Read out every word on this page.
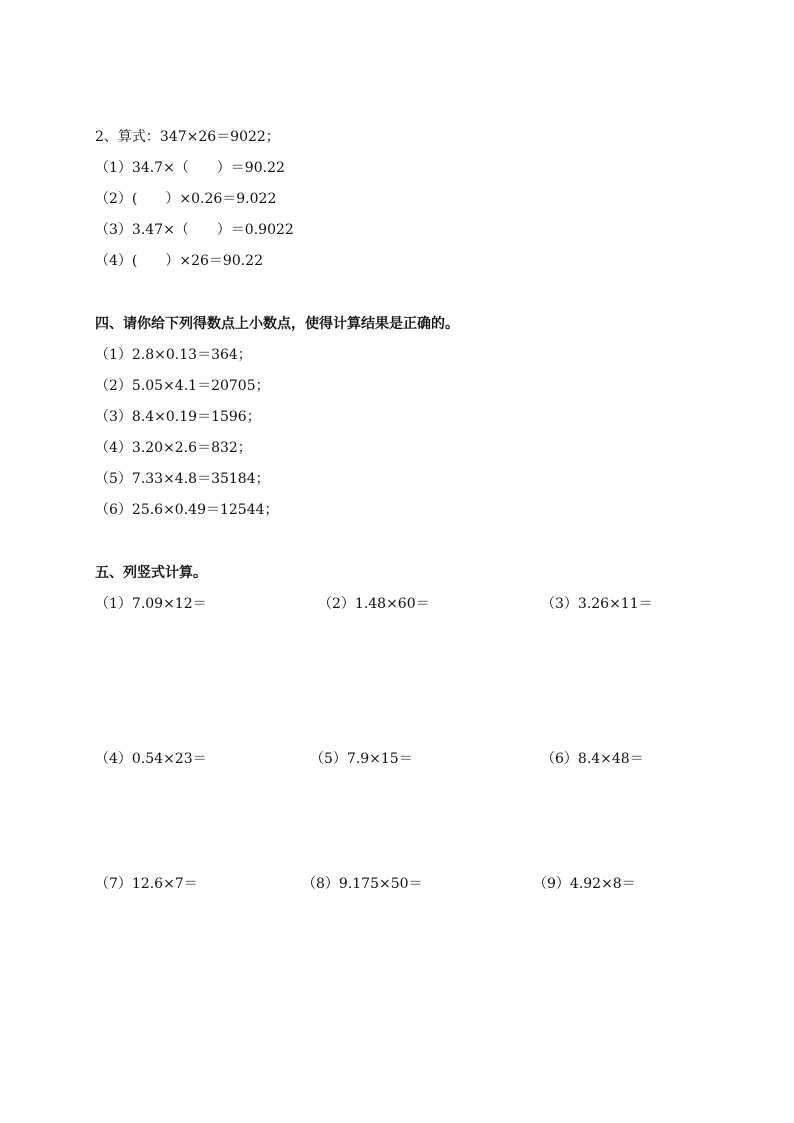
2、算式：347×26＝9022；
（1）34.7×（　　）＝90.22
（2）(　　）×0.26＝9.022
（3）3.47×（　　）＝0.9022
（4）(　　）×26＝90.22
四、请你给下列得数点上小数点，使得计算结果是正确的。
（1）2.8×0.13＝364；
（2）5.05×4.1＝20705；
（3）8.4×0.19＝1596；
（4）3.20×2.6＝832；
（5）7.33×4.8＝35184；
（6）25.6×0.49＝12544；
五、列竖式计算。
（1）7.09×12＝	（2）1.48×60＝	（3）3.26×11＝
（4）0.54×23＝	（5）7.9×15＝	（6）8.4×48＝
（7）12.6×7＝	（8）9.175×50＝	（9）4.92×8＝
